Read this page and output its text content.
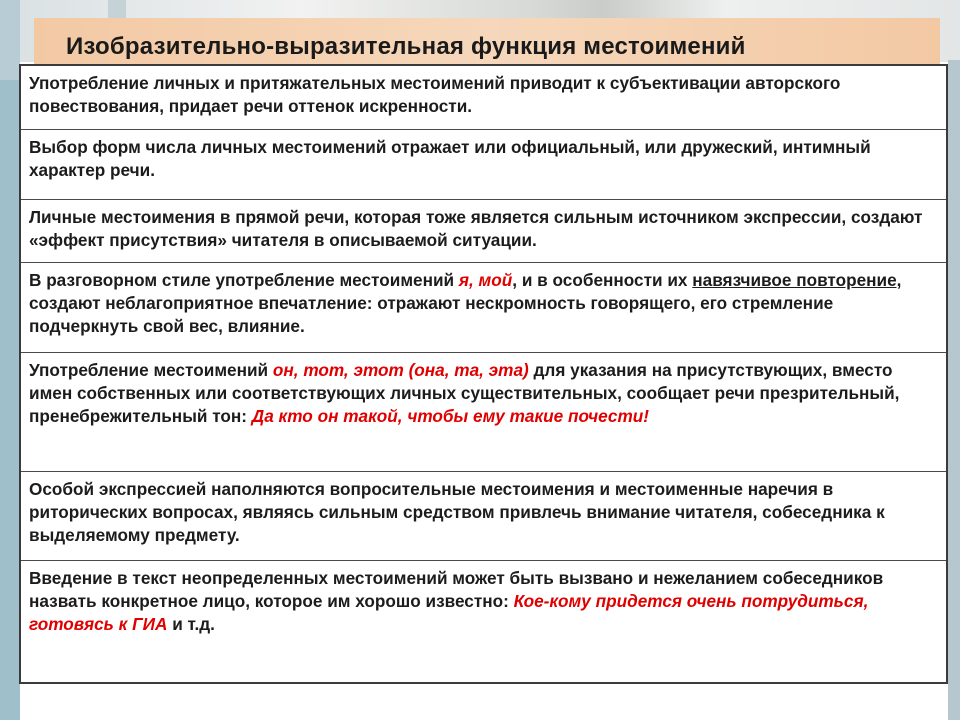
Изобразительно-выразительная функция местоимений
Употребление личных и притяжательных местоимений приводит к субъективации авторского повествования, придает речи оттенок искренности.
Выбор форм числа личных местоимений отражает или официальный, или дружеский, интимный характер речи.
Личные местоимения в прямой речи, которая тоже является сильным источником экспрессии, создают «эффект присутствия» читателя в описываемой ситуации.
В разговорном стиле употребление местоимений я, мой, и в особенности их навязчивое повторение, создают неблагоприятное впечатление: отражают нескромность говорящего, его стремление подчеркнуть свой вес, влияние.
Употребление местоимений он, тот, этот (она, та, эта) для указания на присутствующих, вместо имен собственных или соответствующих личных существительных, сообщает речи презрительный, пренебрежительный тон: Да кто он такой, чтобы ему такие почести!
Особой экспрессией наполняются вопросительные местоимения и местоименные наречия в риторических вопросах, являясь сильным средством привлечь внимание читателя, собеседника к выделяемому предмету.
Введение в текст неопределенных местоимений может быть вызвано и нежеланием собеседников назвать конкретное лицо, которое им хорошо известно: Кое-кому придется очень потрудиться, готовясь к ГИА и т.д.
